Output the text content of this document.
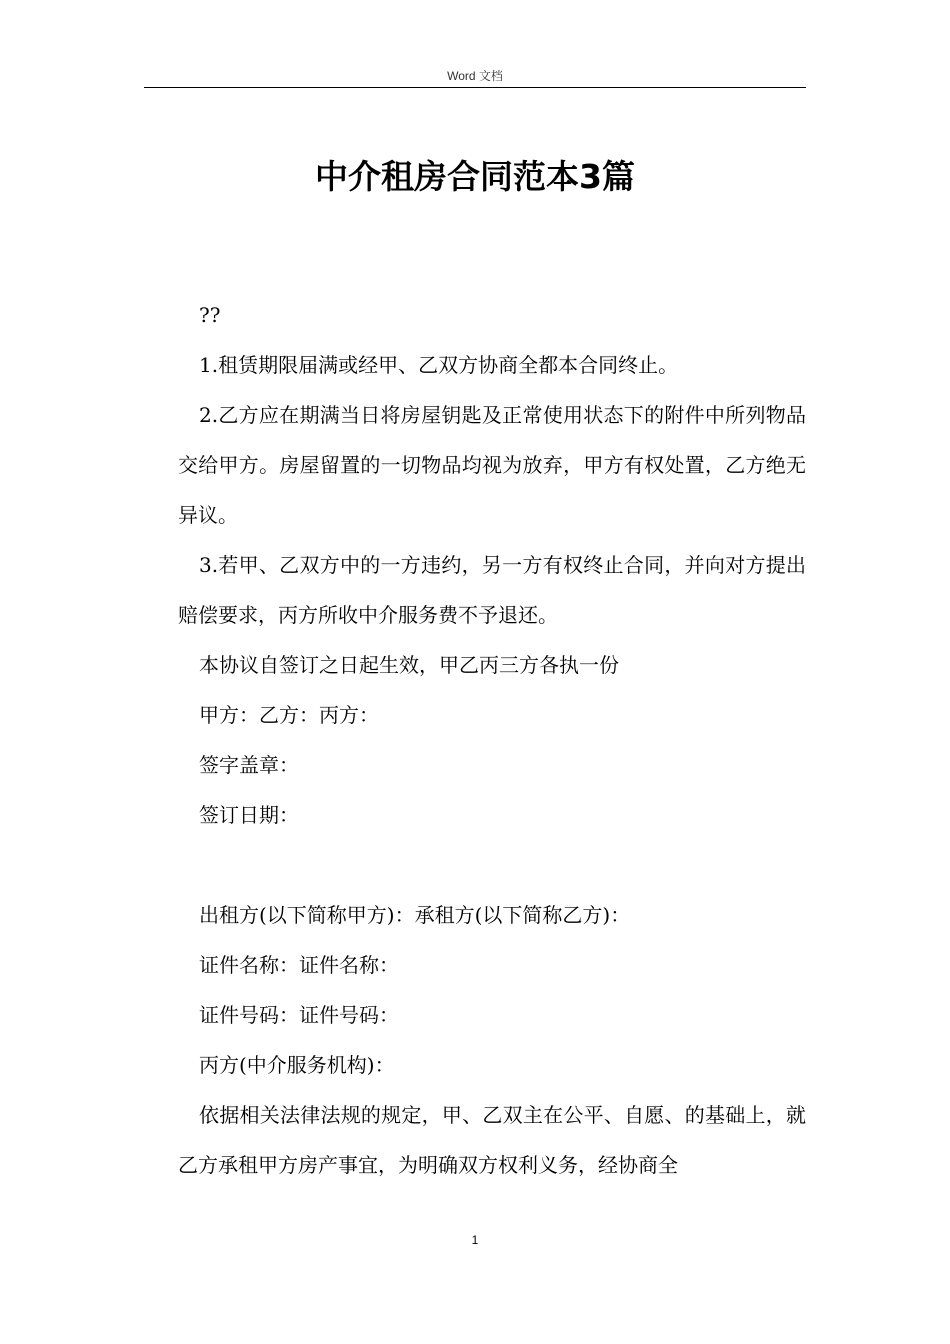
Word 文档
中介租房合同范本3篇

??

1.租赁期限届满或经甲、乙双方协商全都本合同终止。

2.乙方应在期满当日将房屋钥匙及正常使用状态下的附件中所列物品交给甲方。房屋留置的一切物品均视为放弃，甲方有权处置，乙方绝无异议。

3.若甲、乙双方中的一方违约，另一方有权终止合同，并向对方提出赔偿要求，丙方所收中介服务费不予退还。

本协议自签订之日起生效，甲乙丙三方各执一份

甲方：乙方：丙方：

签字盖章：

签订日期：

出租方(以下简称甲方)：承租方(以下简称乙方)：

证件名称：证件名称：

证件号码：证件号码：

丙方(中介服务机构)：

依据相关法律法规的规定，甲、乙双主在公平、自愿、的基础上，就乙方承租甲方房产事宜，为明确双方权利义务，经协商全

1
